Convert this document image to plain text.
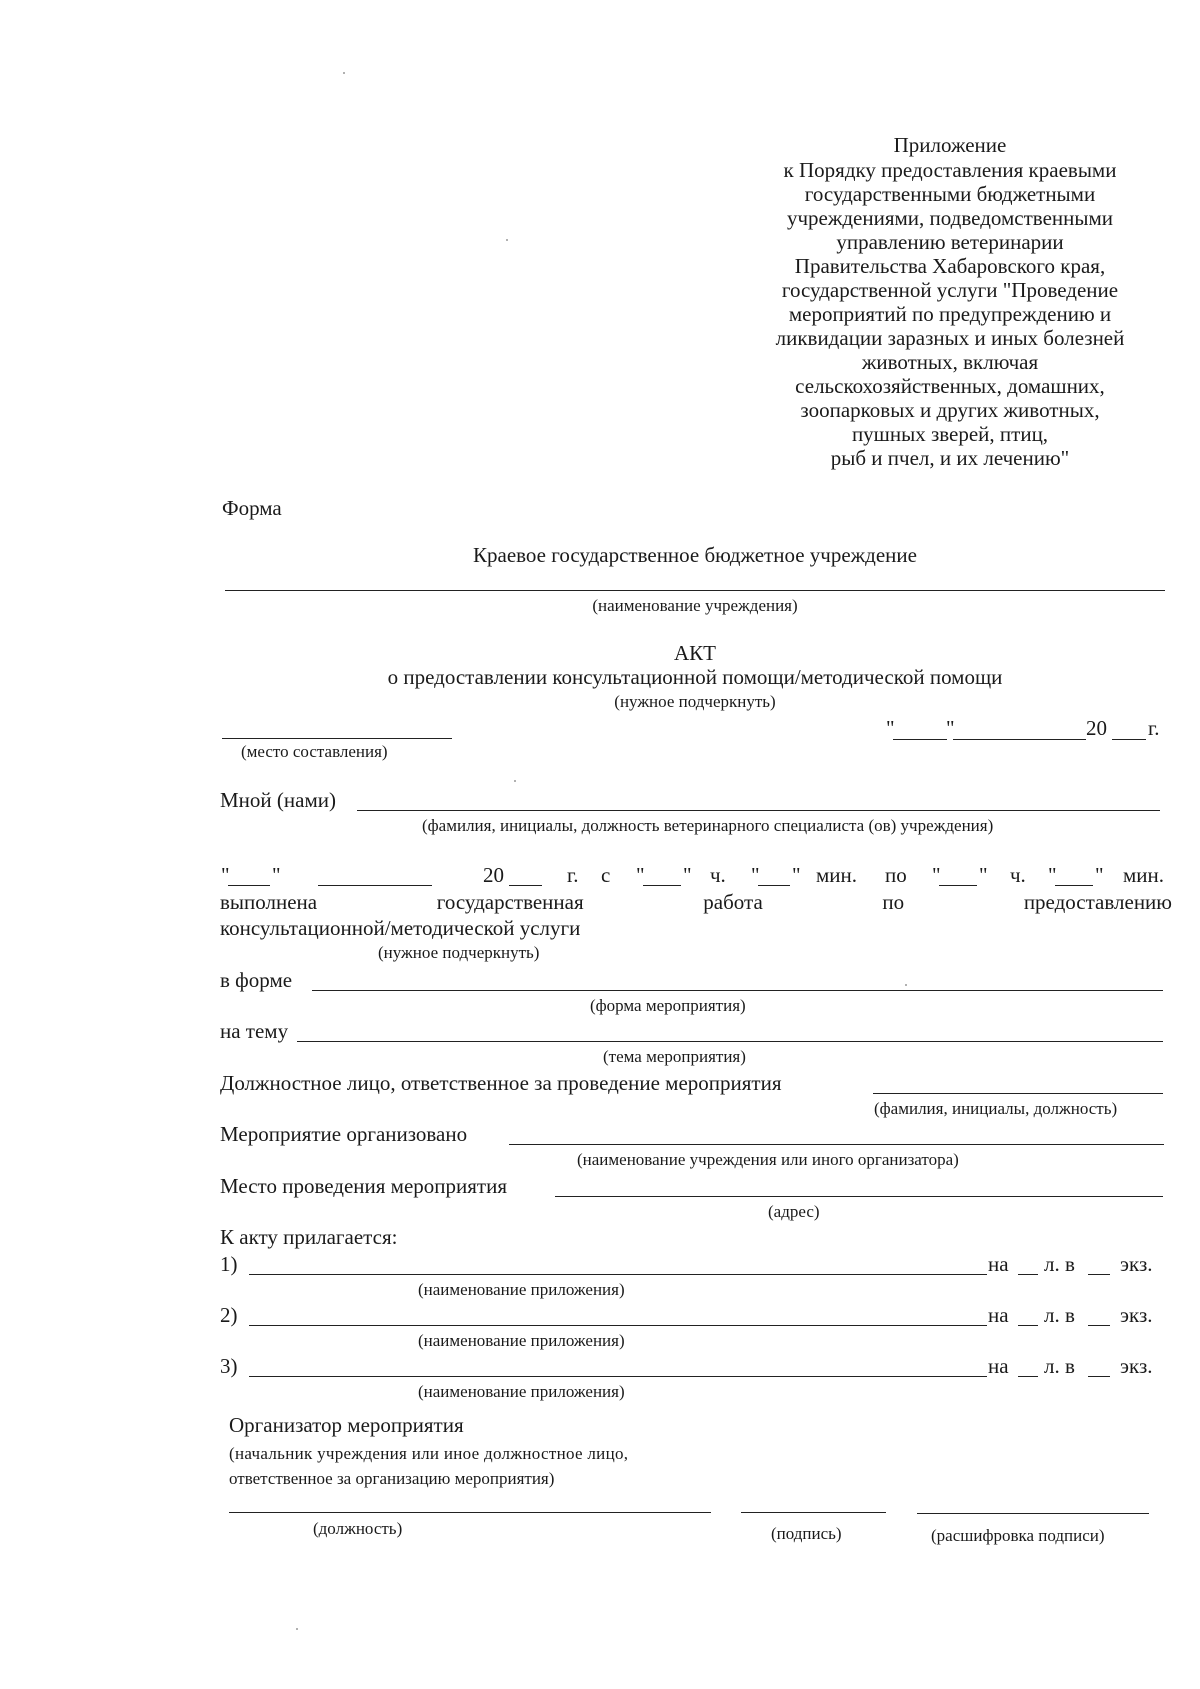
Приложение
к Порядку предоставления краевыми
государственными бюджетными
учреждениями, подведомственными
управлению ветеринарии
Правительства Хабаровского края,
государственной услуги "Проведение
мероприятий по предупреждению и
ликвидации заразных и иных болезней
животных, включая
сельскохозяйственных, домашних,
зоопарковых и других животных,
пушных зверей, птиц,
рыб и пчел, и их лечению"
Форма
Краевое государственное бюджетное учреждение
(наименование учреждения)
АКТ
о предоставлении консультационной помощи/методической помощи
(нужное подчеркнуть)
(место составления)
" "	20 г.
Мной (нами)
(фамилия, инициалы, должность ветеринарного специалиста (ов) учреждения)
" "	20	г. с " " ч. " " мин. по " " ч. " " мин.
выполнена	государственная	работа	по	предоставлению
консультационной/методической услуги
(нужное подчеркнуть)
в форме
(форма мероприятия)
на тему
(тема мероприятия)
Должностное лицо, ответственное за проведение мероприятия
(фамилия, инициалы, должность)
Мероприятие организовано
(наименование учреждения или иного организатора)
Место проведения мероприятия
(адрес)
К акту прилагается:
1)	на л. в экз.
(наименование приложения)
2)	на л. в экз.
(наименование приложения)
3)	на л. в экз.
(наименование приложения)
Организатор мероприятия
(начальник учреждения или иное должностное лицо,
ответственное за организацию мероприятия)
(должность)	(подпись)	(расшифровка подписи)
